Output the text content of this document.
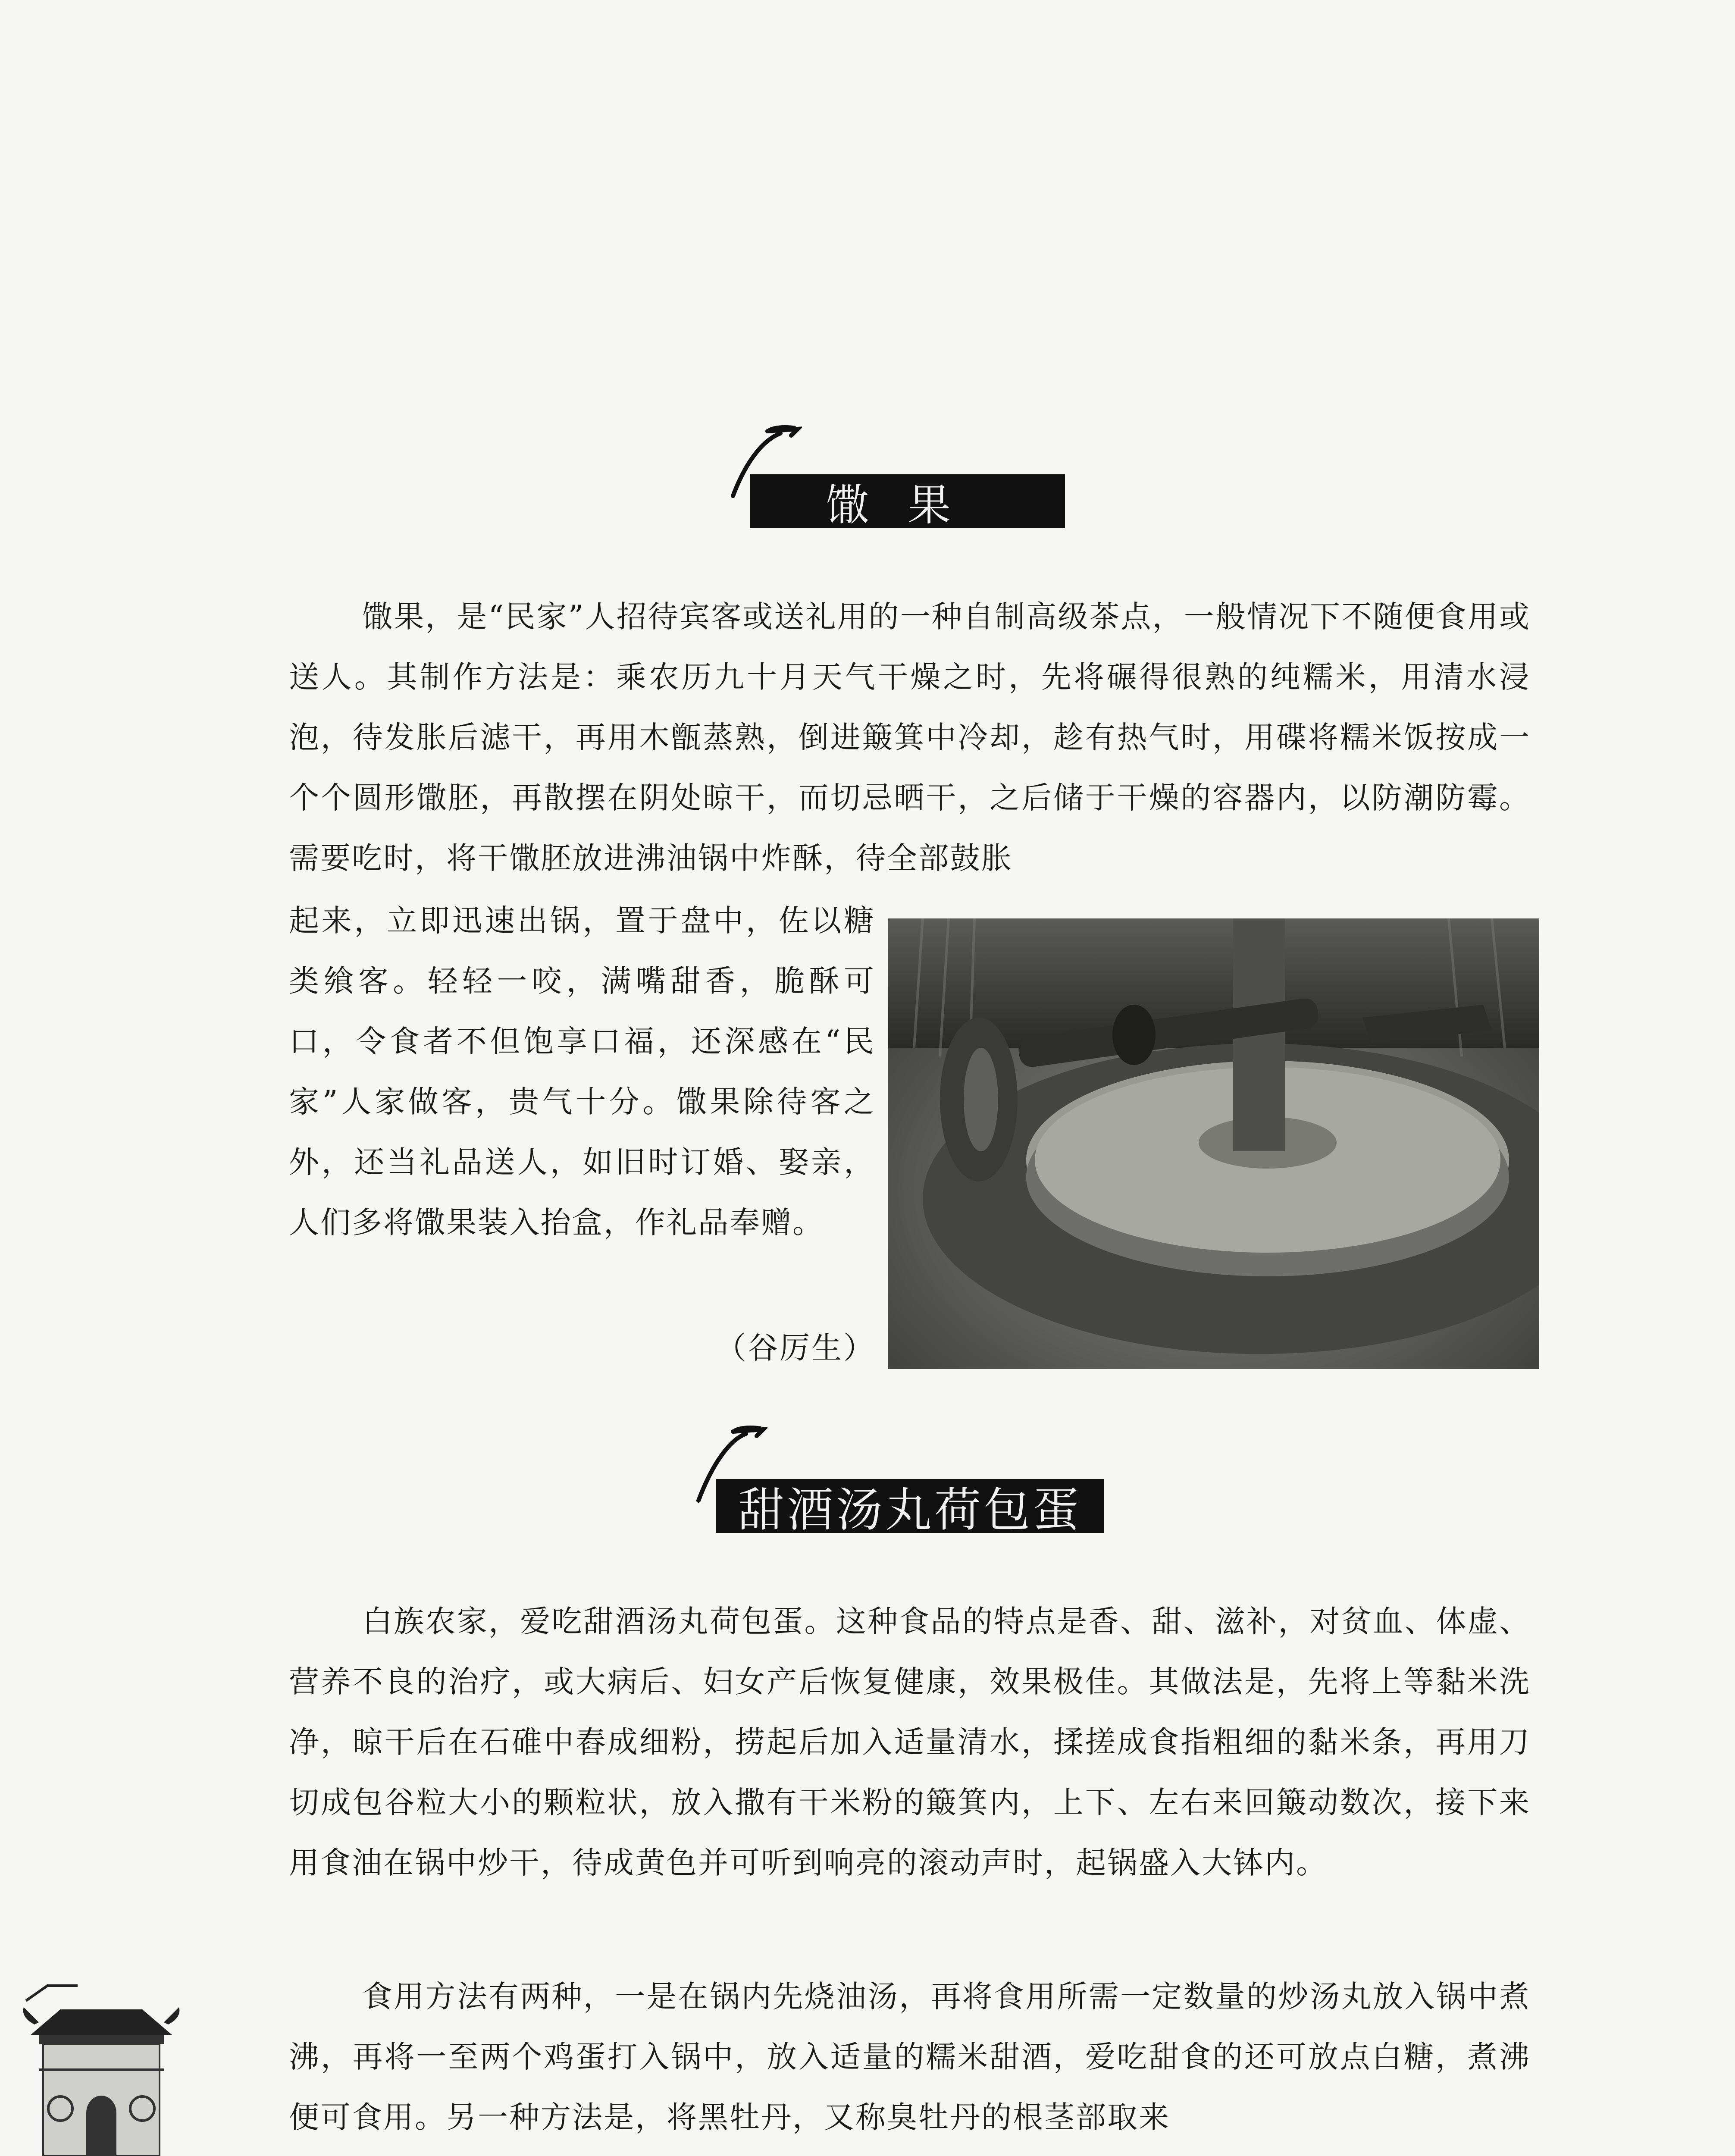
馓果
馓果，是“民家”人招待宾客或送礼用的一种自制高级茶点，一般情况下不随便食用或送人。其制作方法是：乘农历九十月天气干燥之时，先将碾得很熟的纯糯米，用清水浸泡，待发胀后滤干，再用木甑蒸熟，倒进簸箕中冷却，趁有热气时，用碟将糯米饭按成一个个圆形馓胚，再散摆在阴处晾干，而切忌晒干，之后储于干燥的容器内，以防潮防霉。需要吃时，将干馓胚放进沸油锅中炸酥，待全部鼓胀
起来，立即迅速出锅，置于盘中，佐以糖类飨客。轻轻一咬，满嘴甜香，脆酥可口，令食者不但饱享口福，还深感在“民家”人家做客，贵气十分。馓果除待客之外，还当礼品送人，如旧时订婚、娶亲，人们多将馓果装入抬盒，作礼品奉赠。
（谷厉生）
甜酒汤丸荷包蛋
白族农家，爱吃甜酒汤丸荷包蛋。这种食品的特点是香、甜、滋补，对贫血、体虚、营养不良的治疗，或大病后、妇女产后恢复健康，效果极佳。其做法是，先将上等黏米洗净，晾干后在石碓中舂成细粉，捞起后加入适量清水，揉搓成食指粗细的黏米条，再用刀切成包谷粒大小的颗粒状，放入撒有干米粉的簸箕内，上下、左右来回簸动数次，接下来用食油在锅中炒干，待成黄色并可听到响亮的滚动声时，起锅盛入大钵内。
食用方法有两种，一是在锅内先烧油汤，再将食用所需一定数量的炒汤丸放入锅中煮沸，再将一至两个鸡蛋打入锅中，放入适量的糯米甜酒，爱吃甜食的还可放点白糖，煮沸便可食用。另一种方法是，将黑牡丹，又称臭牡丹的根茎部取来
